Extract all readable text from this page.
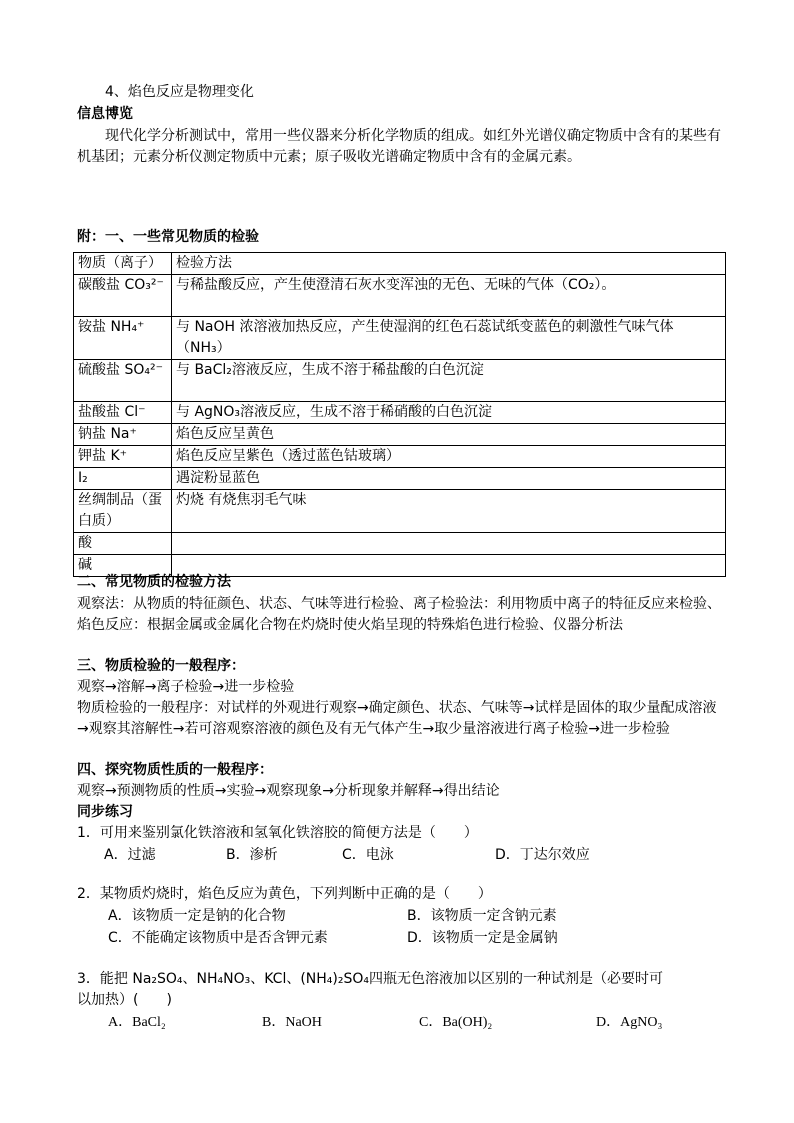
4、焰色反应是物理变化
信息博览
现代化学分析测试中，常用一些仪器来分析化学物质的组成。如红外光谱仪确定物质中含有的某些有机基团；元素分析仪测定物质中元素；原子吸收光谱确定物质中含有的金属元素。
附：一、一些常见物质的检验
物质（离子）	检验方法
碳酸盐 CO₃²⁻	与稀盐酸反应，产生使澄清石灰水变浑浊的无色、无味的气体（CO₂）。
铵盐 NH₄⁺	与 NaOH 浓溶液加热反应，产生使湿润的红色石蕊试纸变蓝色的刺激性气味气体（NH₃）
硫酸盐 SO₄²⁻	与 BaCl₂溶液反应，生成不溶于稀盐酸的白色沉淀
盐酸盐 Cl⁻	与 AgNO₃溶液反应，生成不溶于稀硝酸的白色沉淀
钠盐 Na⁺	焰色反应呈黄色
钾盐 K⁺	焰色反应呈紫色（透过蓝色钴玻璃）
I₂	遇淀粉显蓝色
丝绸制品（蛋白质）	灼烧 有烧焦羽毛气味
酸	
碱	
二、常见物质的检验方法
观察法：从物质的特征颜色、状态、气味等进行检验、离子检验法：利用物质中离子的特征反应来检验、焰色反应：根据金属或金属化合物在灼烧时使火焰呈现的特殊焰色进行检验、仪器分析法
三、物质检验的一般程序：
观察→溶解→离子检验→进一步检验
物质检验的一般程序：对试样的外观进行观察→确定颜色、状态、气味等→试样是固体的取少量配成溶液→观察其溶解性→若可溶观察溶液的颜色及有无气体产生→取少量溶液进行离子检验→进一步检验
四、探究物质性质的一般程序：
观察→预测物质的性质→实验→观察现象→分析现象并解释→得出结论
同步练习
1．可用来鉴别氯化铁溶液和氢氧化铁溶胶的简便方法是（　　）
A．过滤	B．渗析	C．电泳	D．丁达尔效应
2．某物质灼烧时，焰色反应为黄色，下列判断中正确的是（　　）
A．该物质一定是钠的化合物	B．该物质一定含钠元素
C．不能确定该物质中是否含钾元素	D．该物质一定是金属钠
3．能把 Na₂SO₄、NH₄NO₃、KCl、(NH₄)₂SO₄四瓶无色溶液加以区别的一种试剂是（必要时可
以加热）(　　)
A．BaCl₂	B．NaOH	C．Ba(OH)₂	D．AgNO₃
